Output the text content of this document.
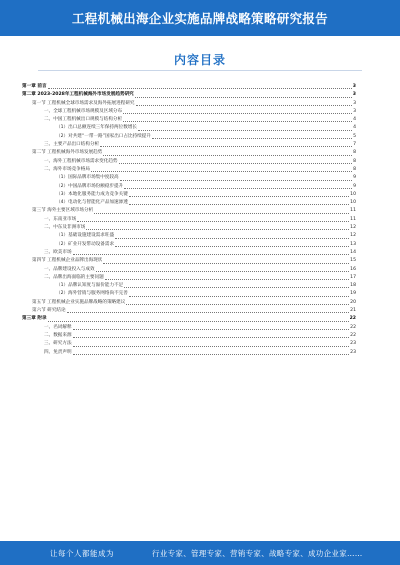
工程机械出海企业实施品牌战略策略研究报告
内容目录
第一章 前言	3
第二章 2023-2028年工程机械海外市场发展趋势研究	3
第一节 工程机械全球市场需求及海外拓展进程研究	3
一、全球工程机械市场规模及区域分布	3
二、中国工程机械出口规模与结构分析	4
（1）出口总额连续三年保持两位数增长	4
（2）对共建“一带一路”国家出口占比持续提升	5
三、主要产品出口结构分析	7
第二节 工程机械海外市场发展趋势	8
一、海外工程机械市场需求变化趋势	8
二、海外市场竞争格局	8
（1）国际品牌市场集中度较高	9
（2）中国品牌市场份额稳步提升	9
（3）本地化服务能力成为竞争关键	10
（4）电动化与智能化产品加速渗透	10
第三节 海外主要区域市场分析	11
一、东南亚市场	11
二、中东及非洲市场	12
（1）基础设施建设需求旺盛	12
（2）矿业开发带动设备需求	13
三、欧美市场	14
第四节 工程机械企业品牌出海现状	15
一、品牌建设投入与成效	16
二、品牌出海面临的主要问题	17
（1）品牌认知度与溢价能力不足	18
（2）海外营销与服务网络尚不完善	19
第五节 工程机械企业实施品牌战略的策略建议	20
第六节 研究结论	21
第三章 附录	22
一、名词解释	22
二、数据来源	22
三、研究方法	23
四、免责声明	23
让每个人都能成为	行业专家、管理专家、营销专家、战略专家、成功企业家……
